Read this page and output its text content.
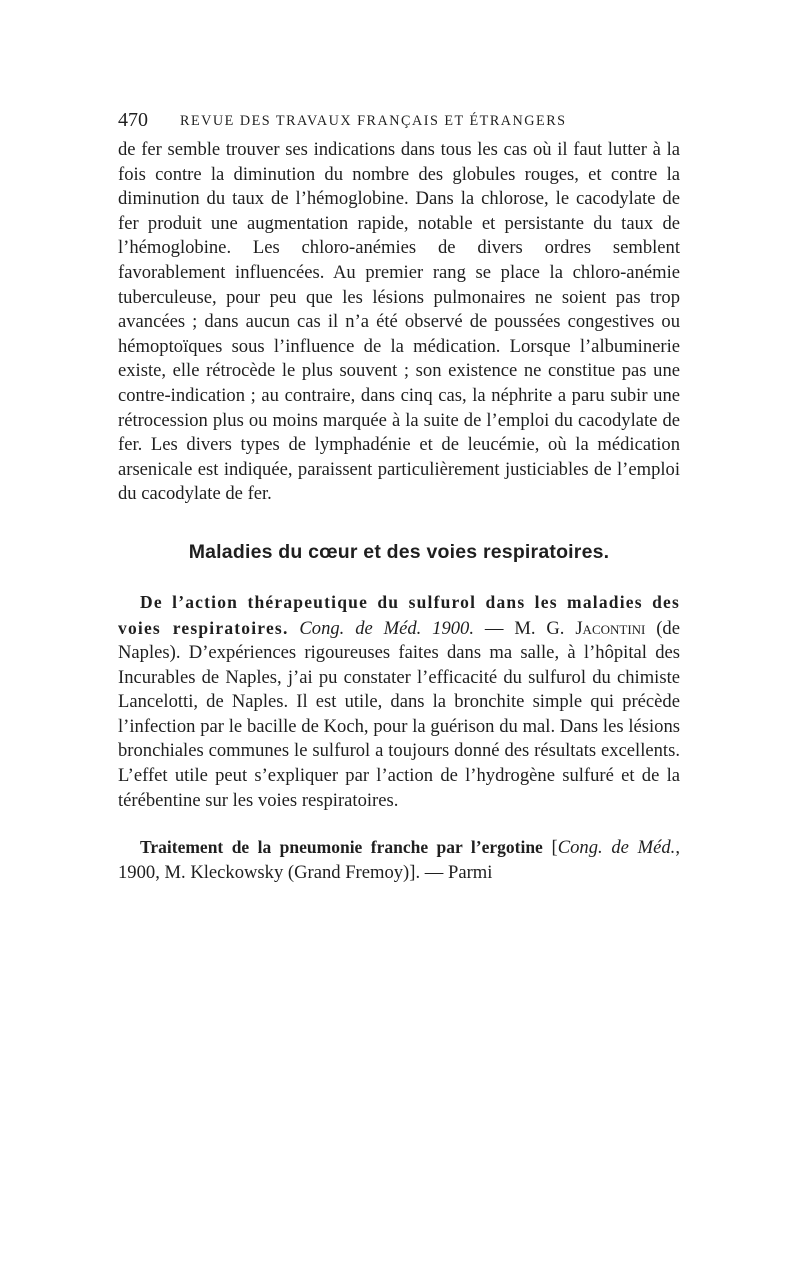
470 REVUE DES TRAVAUX FRANÇAIS ET ÉTRANGERS

de fer semble trouver ses indications dans tous les cas où il faut lutter à la fois contre la diminution du nombre des globules rouges, et contre la diminution du taux de l’hémoglobine. Dans la chlorose, le cacodylate de fer produit une augmentation rapide, notable et persistante du taux de l’hémoglobine. Les chloro-anémies de divers ordres semblent favorablement influencées. Au premier rang se place la chloro-anémie tuberculeuse, pour peu que les lésions pulmonaires ne soient pas trop avancées ; dans aucun cas il n’a été observé de poussées congestives ou hémoptoïques sous l’influence de la médication. Lorsque l’albuminerie existe, elle rétrocède le plus souvent ; son existence ne constitue pas une contre-indication ; au contraire, dans cinq cas, la néphrite a paru subir une rétrocession plus ou moins marquée à la suite de l’emploi du cacodylate de fer. Les divers types de lymphadénie et de leucémie, où la médication arsenicale est indiquée, paraissent particulièrement justiciables de l’emploi du cacodylate de fer.

Maladies du cœur et des voies respiratoires.

De l’action thérapeutique du sulfurol dans les maladies des voies respiratoires. Cong. de Méd. 1900. — M. G. Jacontini (de Naples). D’expériences rigoureuses faites dans ma salle, à l’hôpital des Incurables de Naples, j’ai pu constater l’efficacité du sulfurol du chimiste Lancelotti, de Naples. Il est utile, dans la bronchite simple qui précède l’infection par le bacille de Koch, pour la guérison du mal. Dans les lésions bronchiales communes le sulfurol a toujours donné des résultats excellents. L’effet utile peut s’expliquer par l’action de l’hydrogène sulfuré et de la térébentine sur les voies respiratoires.

Traitement de la pneumonie franche par l’ergotine [Cong. de Méd., 1900, M. Kleckowsky (Grand Fremoy)]. — Parmi
